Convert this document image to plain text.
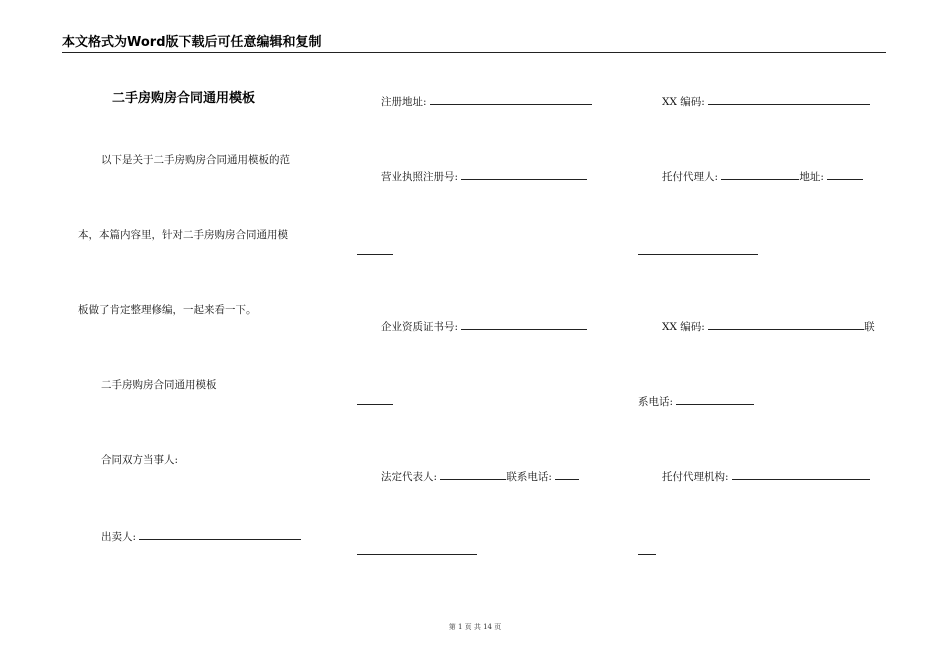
本文格式为Word版下载后可任意编辑和复制
二手房购房合同通用模板
以下是关于二手房购房合同通用模板的范
本，本篇内容里，针对二手房购房合同通用模
板做了肯定整理修编，一起来看一下。
二手房购房合同通用模板
合同双方当事人:
出卖人:
注册地址:
营业执照注册号:
企业资质证书号:
法定代表人:	联系电话:
XX 编码:
托付代理人:	地址:
XX 编码:	联
系电话:
托付代理机构:
第 1 页 共 14 页
